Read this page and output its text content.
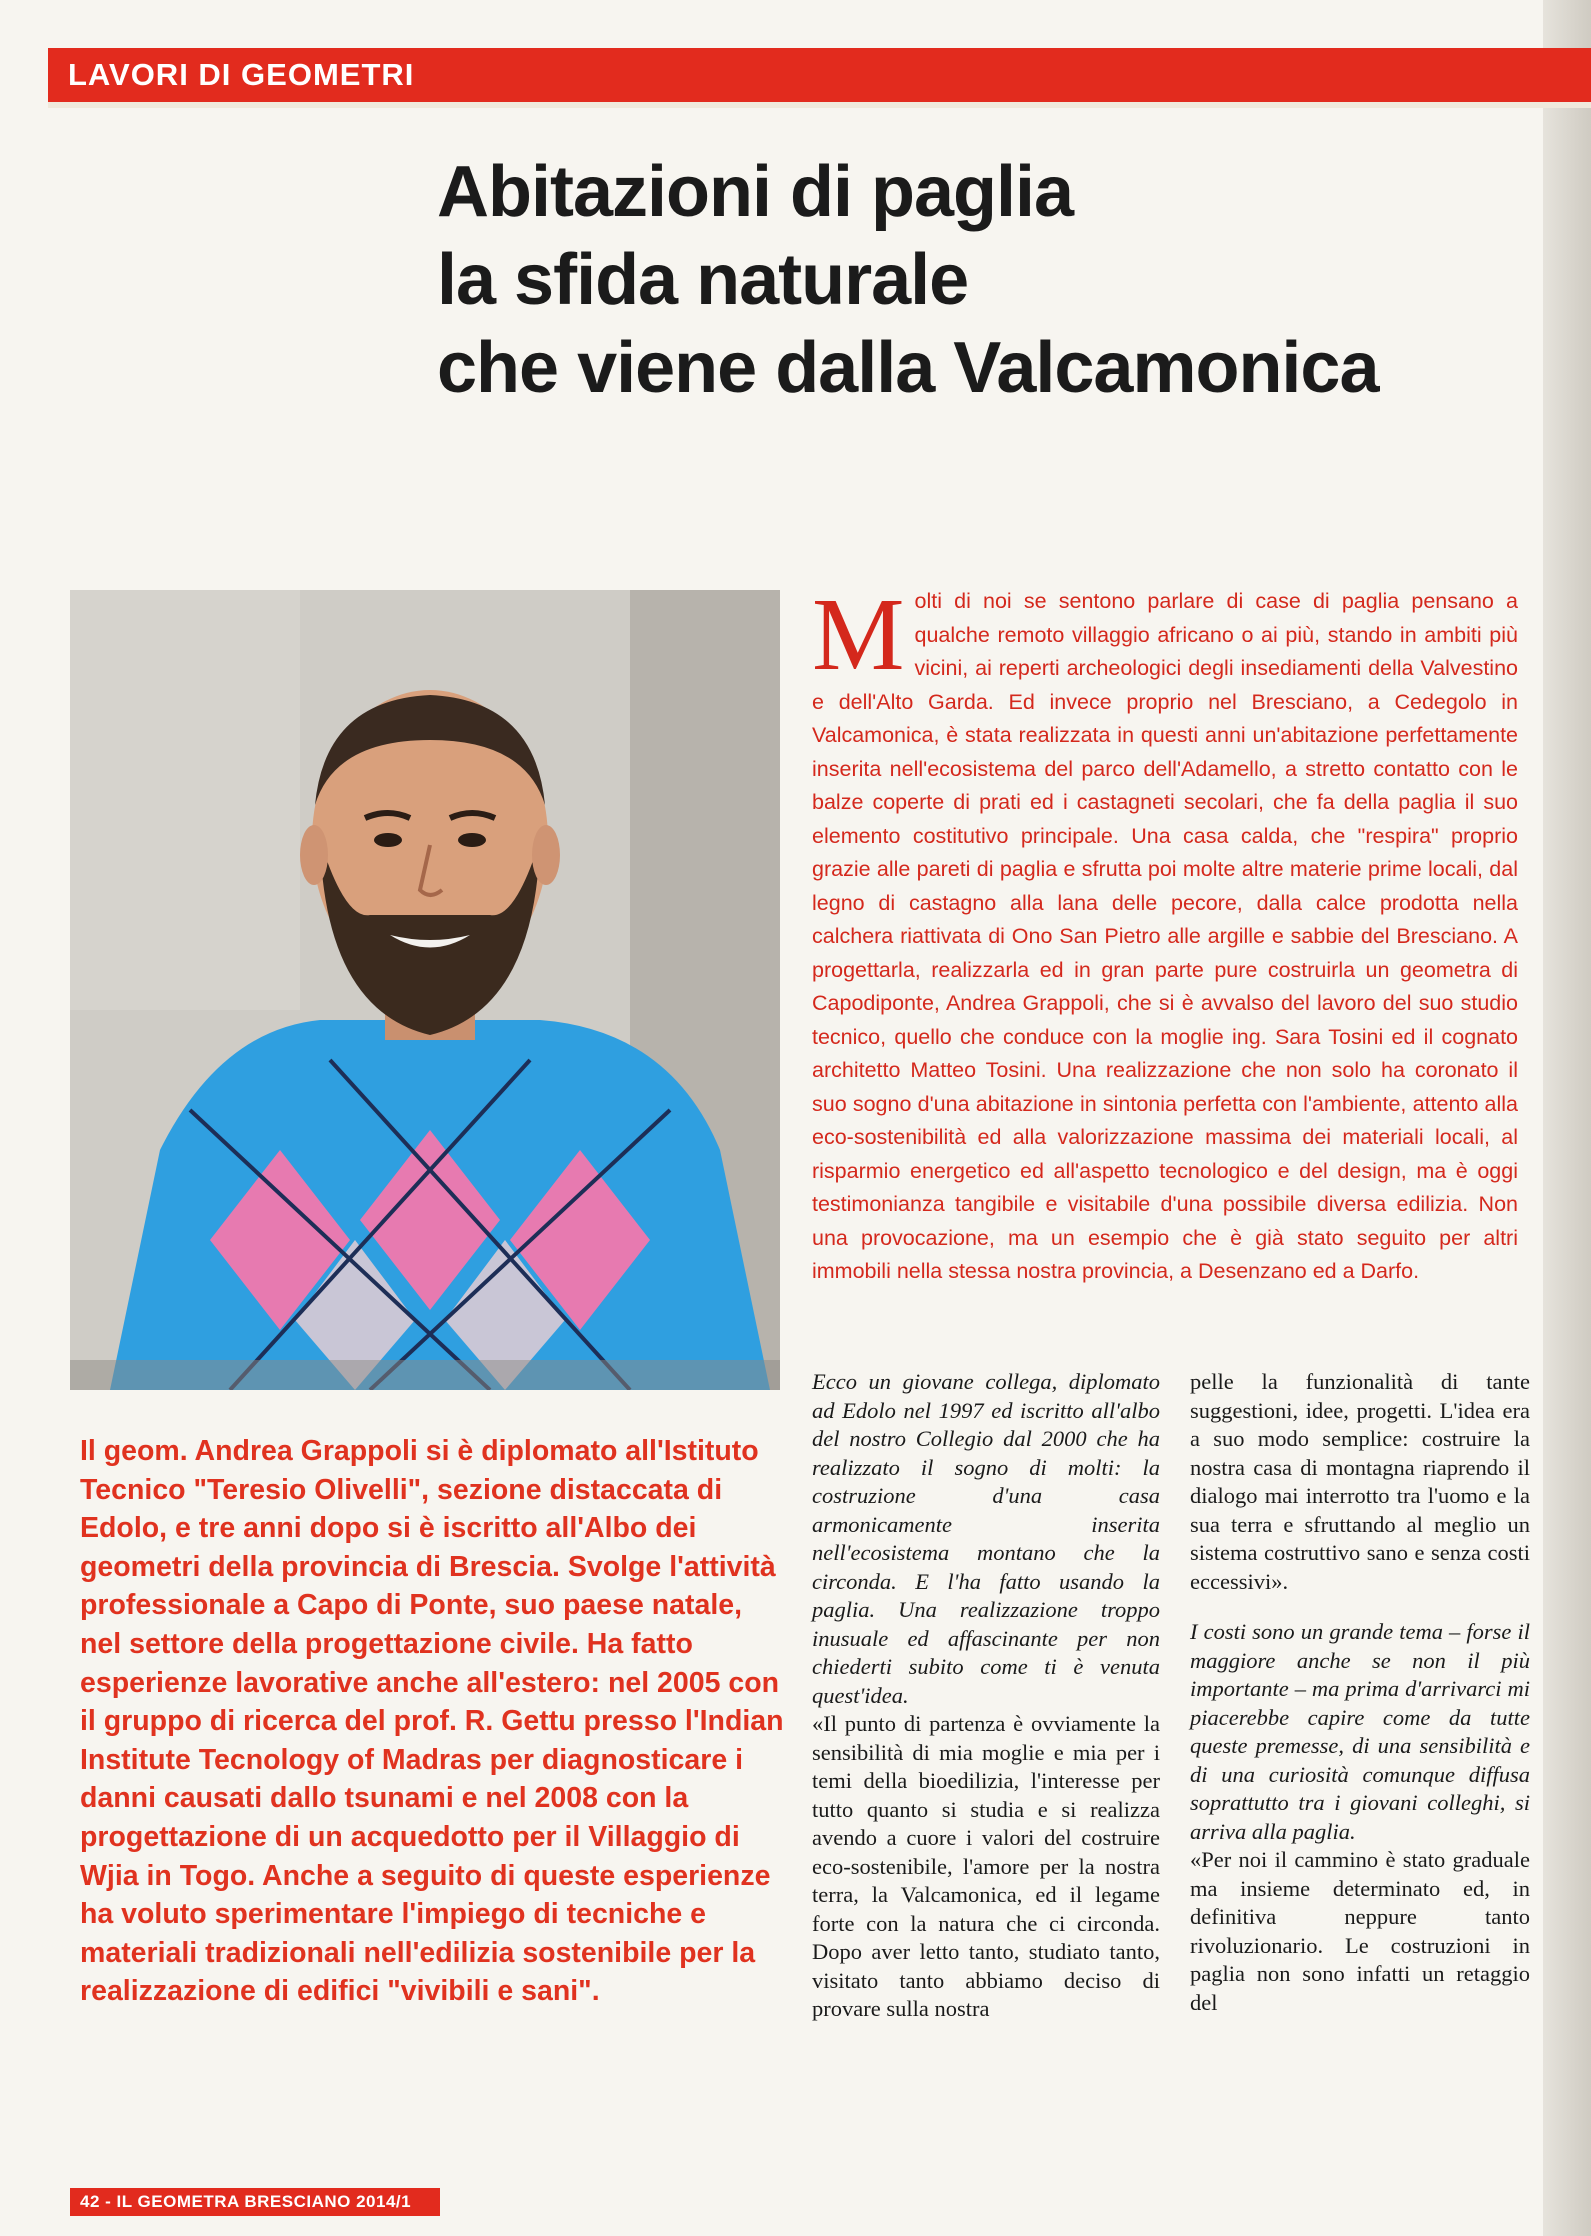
LAVORI DI GEOMETRI
Abitazioni di paglia
la sfida naturale
che viene dalla Valcamonica

M olti di noi se sentono parlare di case di paglia pensano a qualche remoto villaggio africano o ai più, stando in ambiti più vicini, ai reperti archeologici degli insediamenti della Valvestino e dell'Alto Garda. Ed invece proprio nel Bresciano, a Cedegolo in Valcamonica, è stata realizzata in questi anni un'abitazione perfettamente inserita nell'ecosistema del parco dell'Adamello, a stretto contatto con le balze coperte di prati ed i castagneti secolari, che fa della paglia il suo elemento costitutivo principale. Una casa calda, che "respira" proprio grazie alle pareti di paglia e sfrutta poi molte altre materie prime locali, dal legno di castagno alla lana delle pecore, dalla calce prodotta nella calchera riattivata di Ono San Pietro alle argille e sabbie del Bresciano. A progettarla, realizzarla ed in gran parte pure costruirla un geometra di Capodiponte, Andrea Grappoli, che si è avvalso del lavoro del suo studio tecnico, quello che conduce con la moglie ing. Sara Tosini ed il cognato architetto Matteo Tosini. Una realizzazione che non solo ha coronato il suo sogno d'una abitazione in sintonia perfetta con l'ambiente, attento alla eco-sostenibilità ed alla valorizzazione massima dei materiali locali, al risparmio energetico ed all'aspetto tecnologico e del design, ma è oggi testimonianza tangibile e visitabile d'una possibile diversa edilizia. Non una provocazione, ma un esempio che è già stato seguito per altri immobili nella stessa nostra provincia, a Desenzano ed a Darfo.

Il geom. Andrea Grappoli si è diplomato all'Istituto Tecnico "Teresio Olivelli", sezione distaccata di Edolo, e tre anni dopo si è iscritto all'Albo dei geometri della provincia di Brescia. Svolge l'attività professionale a Capo di Ponte, suo paese natale, nel settore della progettazione civile. Ha fatto esperienze lavorative anche all'estero: nel 2005 con il gruppo di ricerca del prof. R. Gettu presso l'Indian Institute Tecnology of Madras per diagnosticare i danni causati dallo tsunami e nel 2008 con la progettazione di un acquedotto per il Villaggio di Wjia in Togo. Anche a seguito di queste esperienze ha voluto sperimentare l'impiego di tecniche e materiali tradizionali nell'edilizia sostenibile per la realizzazione di edifici "vivibili e sani".

Ecco un giovane collega, diplomato ad Edolo nel 1997 ed iscritto all'albo del nostro Collegio dal 2000 che ha realizzato il sogno di molti: la costruzione d'una casa armonicamente inserita nell'ecosistema montano che la circonda. E l'ha fatto usando la paglia. Una realizzazione troppo inusuale ed affascinante per non chiederti subito come ti è venuta quest'idea.

«Il punto di partenza è ovviamente la sensibilità di mia moglie e mia per i temi della bioedilizia, l'interesse per tutto quanto si studia e si realizza avendo a cuore i valori del costruire eco-sostenibile, l'amore per la nostra terra, la Valcamonica, ed il legame forte con la natura che ci circonda. Dopo aver letto tanto, studiato tanto, visitato tanto abbiamo deciso di provare sulla nostra

pelle la funzionalità di tante suggestioni, idee, progetti. L'idea era a suo modo semplice: costruire la nostra casa di montagna riaprendo il dialogo mai interrotto tra l'uomo e la sua terra e sfruttando al meglio un sistema costruttivo sano e senza costi eccessivi».

I costi sono un grande tema – forse il maggiore anche se non il più importante – ma prima d'arrivarci mi piacerebbe capire come da tutte queste premesse, di una sensibilità e di una curiosità comunque diffusa soprattutto tra i giovani colleghi, si arriva alla paglia.

«Per noi il cammino è stato graduale ma insieme determinato ed, in definitiva neppure tanto rivoluzionario. Le costruzioni in paglia non sono infatti un retaggio del

42 - IL GEOMETRA BRESCIANO 2014/1
